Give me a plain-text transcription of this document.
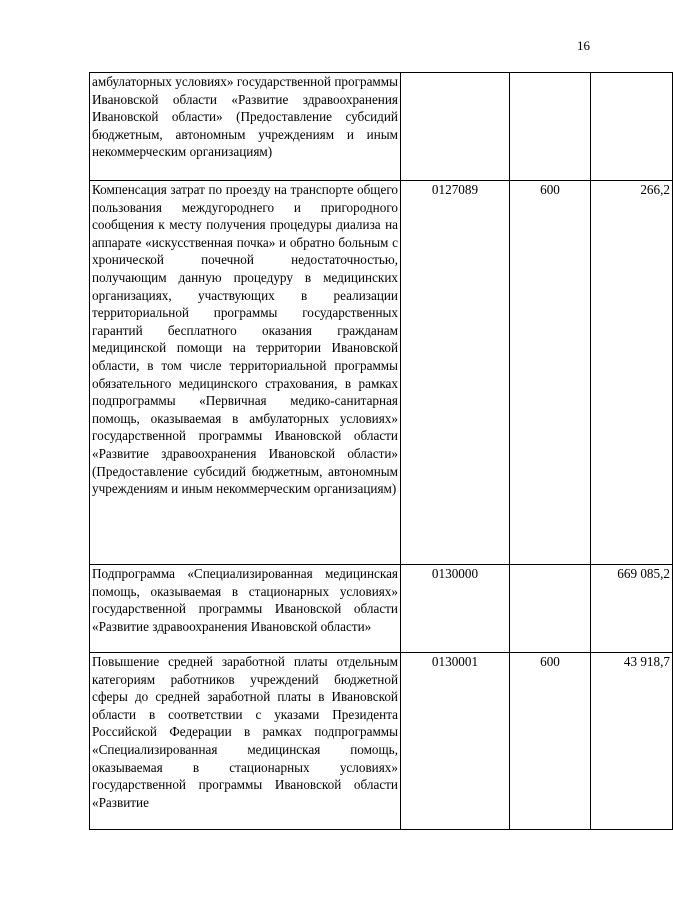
16
амбулаторных условиях» государственной программы Ивановской области «Развитие здравоохранения Ивановской области» (Предоставление субсидий бюджетным, автономным учреждениям и иным некоммерческим организациям)			

Компенсация затрат по проезду на транспорте общего пользования междугороднего и пригородного сообщения к месту получения процедуры диализа на аппарате «искусственная почка» и обратно больным с хронической почечной недостаточностью, получающим данную процедуру в медицинских организациях, участвующих в реализации территориальной программы государственных гарантий бесплатного оказания гражданам медицинской помощи на территории Ивановской области, в том числе территориальной программы обязательного медицинского страхования, в рамках подпрограммы «Первичная медико-санитарная помощь, оказываемая в амбулаторных условиях» государственной программы Ивановской области «Развитие здравоохранения Ивановской области» (Предоставление субсидий бюджетным, автономным учреждениям и иным некоммерческим организациям)	0127089	600	266,2

Подпрограмма «Специализированная медицинская помощь, оказываемая в стационарных условиях» государственной программы Ивановской области «Развитие здравоохранения Ивановской области»	0130000		669 085,2

Повышение средней заработной платы отдельным категориям работников учреждений бюджетной сферы до средней заработной платы в Ивановской области в соответствии с указами Президента Российской Федерации в рамках подпрограммы «Специализированная медицинская помощь, оказываемая в стационарных условиях» государственной программы Ивановской области «Развитие	0130001	600	43 918,7
